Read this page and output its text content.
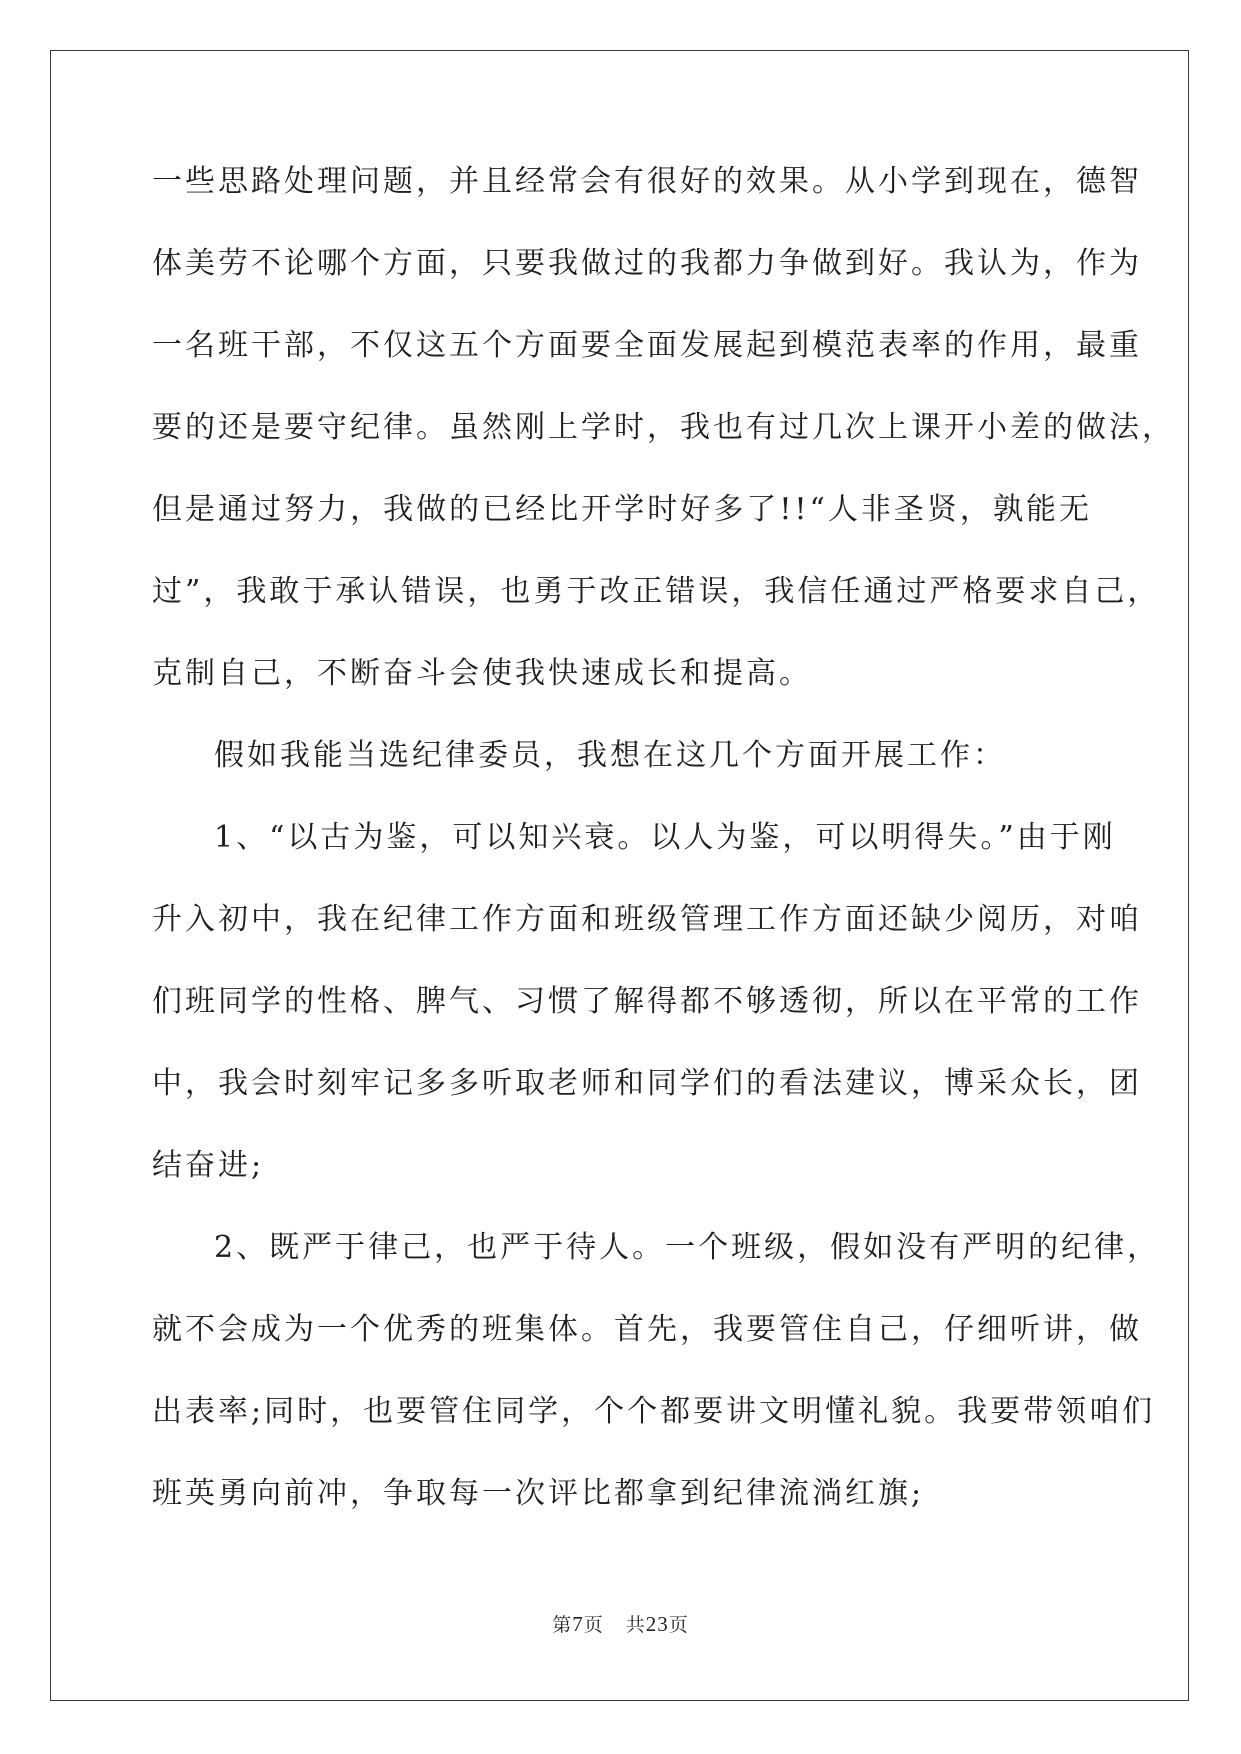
一些思路处理问题，并且经常会有很好的效果。从小学到现在，德智
体美劳不论哪个方面，只要我做过的我都力争做到好。我认为，作为
一名班干部，不仅这五个方面要全面发展起到模范表率的作用，最重
要的还是要守纪律。虽然刚上学时，我也有过几次上课开小差的做法，
但是通过努力，我做的已经比开学时好多了!!“人非圣贤，孰能无
过”，我敢于承认错误，也勇于改正错误，我信任通过严格要求自己，
克制自己，不断奋斗会使我快速成长和提高。
假如我能当选纪律委员，我想在这几个方面开展工作：
1、“以古为鉴，可以知兴衰。以人为鉴，可以明得失。”由于刚
升入初中，我在纪律工作方面和班级管理工作方面还缺少阅历，对咱
们班同学的性格、脾气、习惯了解得都不够透彻，所以在平常的工作
中，我会时刻牢记多多听取老师和同学们的看法建议，博采众长，团
结奋进;
2、既严于律己，也严于待人。一个班级，假如没有严明的纪律，
就不会成为一个优秀的班集体。首先，我要管住自己，仔细听讲，做
出表率;同时，也要管住同学，个个都要讲文明懂礼貌。我要带领咱们
班英勇向前冲，争取每一次评比都拿到纪律流淌红旗;
第7页 共23页
